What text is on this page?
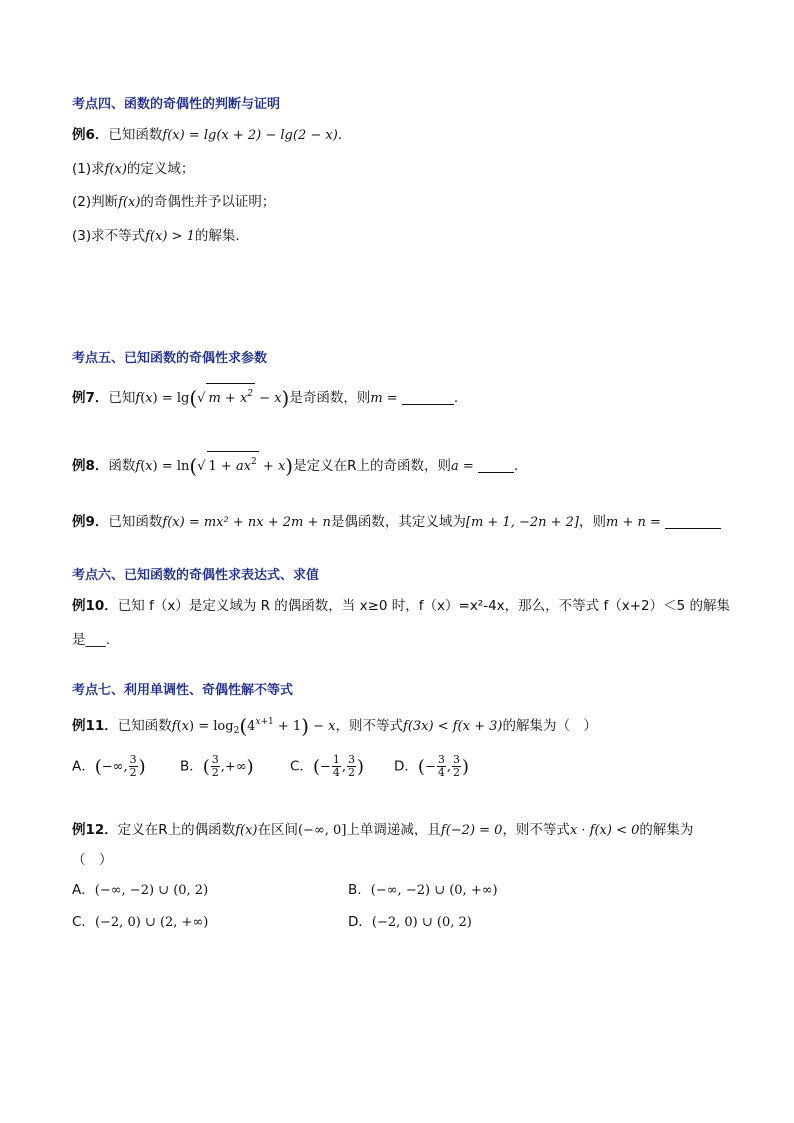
考点四、函数的奇偶性的判断与证明
例6．已知函数f(x) = lg(x + 2) − lg(2 − x).
(1)求f(x)的定义域；
(2)判断f(x)的奇偶性并予以证明；
(3)求不等式f(x) > 1的解集.
考点五、已知函数的奇偶性求参数
例7．已知f(x) = lg(√ $m + x^2 - x$)是奇函数，则m =	.
例8．函数f(x) = ln(√ $1 + ax^2 + x$)是定义在R上的奇函数，则a =	.
例9．已知函数f(x) = mx² + nx + 2m + n是偶函数，其定义域为[m + 1, −2n + 2]，则m + n =
考点六、已知函数的奇偶性求表达式、求值
例10．已知 f（x）是定义域为 R 的偶函数，当 x≥0 时，f（x）=x²-4x，那么，不等式 f（x+2）＜5 的解集
是___.
考点七、利用单调性、奇偶性解不等式
例11．已知函数$f(x) = \log_2(4^{x+1} + 1) - x$，则不等式f(3x) < f(x + 3)的解集为（　）
A．(−∞, $\frac{3}{2}$ )	B．( $\frac{3}{2}$ ,+∞)	C．(− $\frac{1}{4}$ , $\frac{3}{2}$ ) D．(− $\frac{3}{4}$ , $\frac{3}{2}$ )
例12．定义在R上的偶函数f(x)在区间(−∞, 0]上单调递减，且f(−2) = 0，则不等式x · f(x) < 0的解集为
（　）
A．(−∞, −2) ∪ (0, 2)	B．(−∞, −2) ∪ (0, +∞)
C．(−2, 0) ∪ (2, +∞)	D．(−2, 0) ∪ (0, 2)
